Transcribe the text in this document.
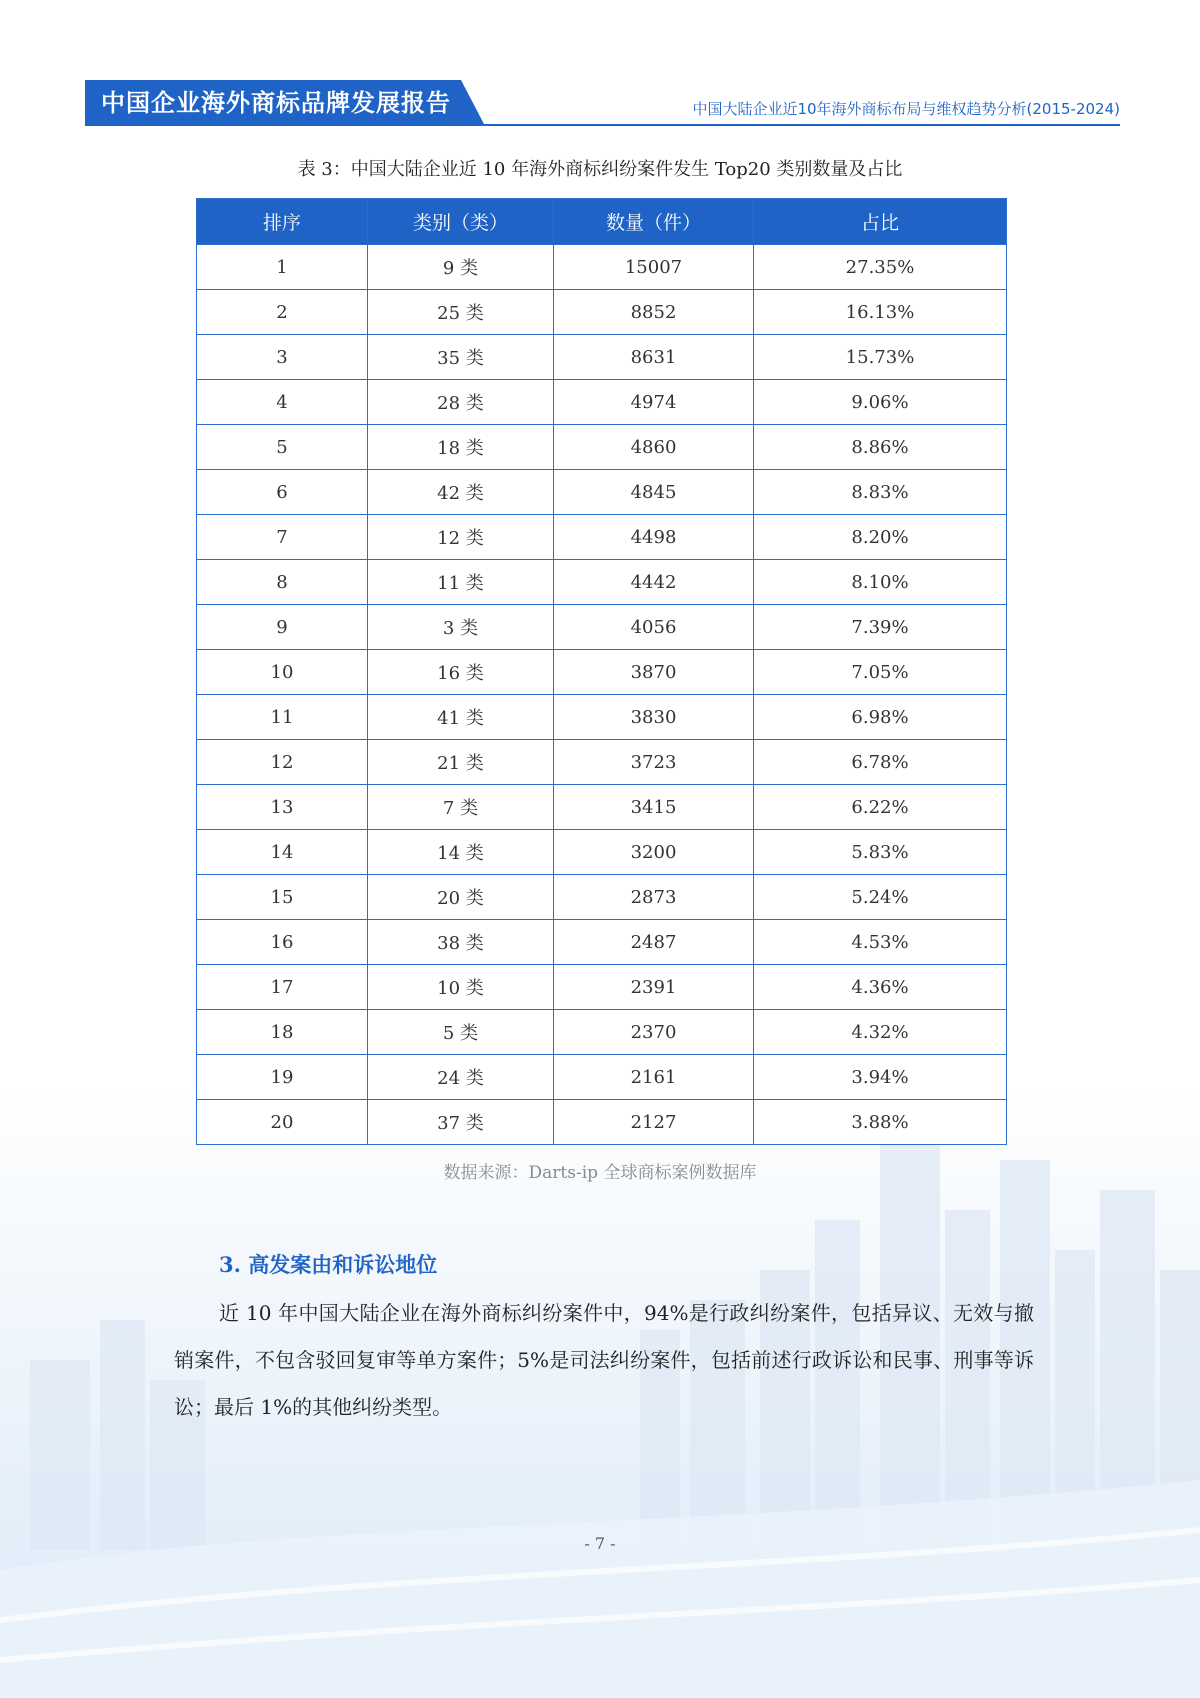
中国企业海外商标品牌发展报告	中国大陆企业近10年海外商标布局与维权趋势分析(2015-2024)
表 3：中国大陆企业近 10 年海外商标纠纷案件发生 Top20 类别数量及占比
排序	类别（类）	数量（件）	占比
1	9 类	15007	27.35%
2	25 类	8852	16.13%
3	35 类	8631	15.73%
4	28 类	4974	9.06%
5	18 类	4860	8.86%
6	42 类	4845	8.83%
7	12 类	4498	8.20%
8	11 类	4442	8.10%
9	3 类	4056	7.39%
10	16 类	3870	7.05%
11	41 类	3830	6.98%
12	21 类	3723	6.78%
13	7 类	3415	6.22%
14	14 类	3200	5.83%
15	20 类	2873	5.24%
16	38 类	2487	4.53%
17	10 类	2391	4.36%
18	5 类	2370	4.32%
19	24 类	2161	3.94%
20	37 类	2127	3.88%
数据来源：Darts-ip 全球商标案例数据库
3. 高发案由和诉讼地位
近 10 年中国大陆企业在海外商标纠纷案件中，94%是行政纠纷案件，包括异议、无效与撤销案件，不包含驳回复审等单方案件；5%是司法纠纷案件，包括前述行政诉讼和民事、刑事等诉讼；最后 1%的其他纠纷类型。
- 7 -
